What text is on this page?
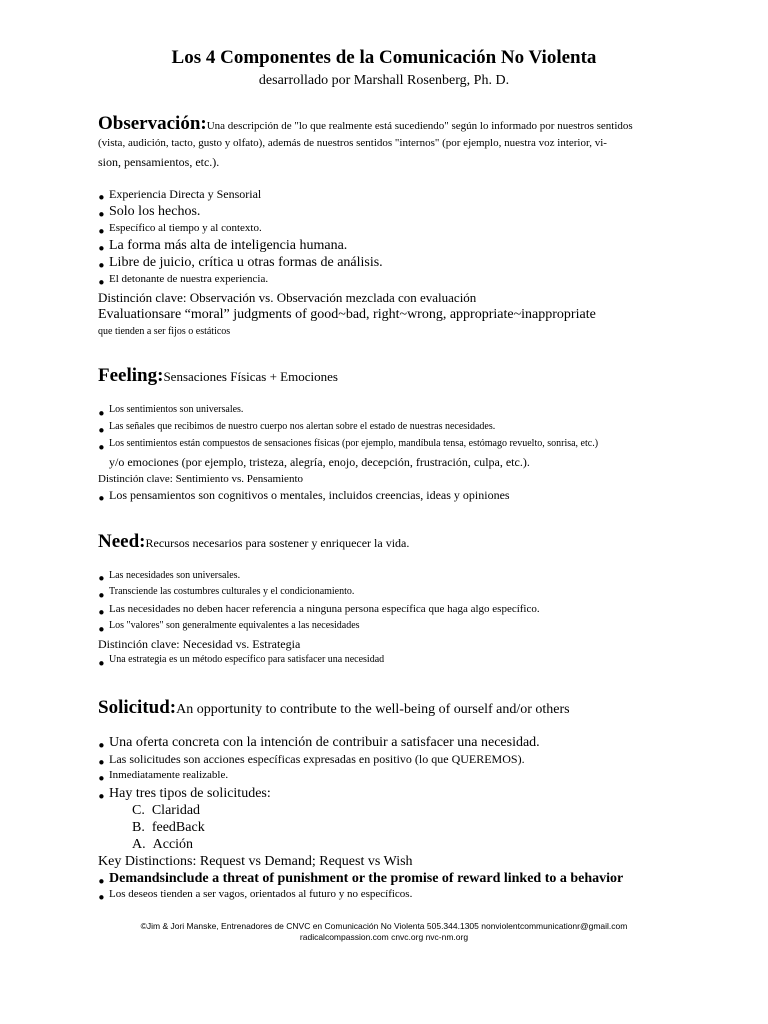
Los 4 Componentes de la Comunicación No Violenta
desarrollado por Marshall Rosenberg, Ph. D.
Observación:Una descripción de "lo que realmente está sucediendo" según lo informado por nuestros sentidos
(vista, audición, tacto, gusto y olfato), además de nuestros sentidos "internos" (por ejemplo, nuestra voz interior, vi-
sion, pensamientos, etc.).
• Experiencia Directa y Sensorial
• Solo los hechos.
• Específico al tiempo y al contexto.
• La forma más alta de inteligencia humana.
• Libre de juicio, crítica u otras formas de análisis.
• El detonante de nuestra experiencia.
Distinción clave: Observación vs. Observación mezclada con evaluación
Evaluationsare “moral” judgments of good~bad, right~wrong, appropriate~inappropriate
que tienden a ser fijos o estáticos
Feeling:Sensaciones Físicas + Emociones
• Los sentimientos son universales.
• Las señales que recibimos de nuestro cuerpo nos alertan sobre el estado de nuestras necesidades.
• Los sentimientos están compuestos de sensaciones físicas (por ejemplo, mandíbula tensa, estómago revuelto, sonrisa, etc.)
y/o emociones (por ejemplo, tristeza, alegría, enojo, decepción, frustración, culpa, etc.).
Distinción clave: Sentimiento vs. Pensamiento
• Los pensamientos son cognitivos o mentales, incluidos creencias, ideas y opiniones
Need:Recursos necesarios para sostener y enriquecer la vida.
• Las necesidades son universales.
• Transciende las costumbres culturales y el condicionamiento.
• Las necesidades no deben hacer referencia a ninguna persona específica que haga algo específico.
• Los "valores" son generalmente equivalentes a las necesidades
Distinción clave: Necesidad vs. Estrategia
• Una estrategia es un método específico para satisfacer una necesidad
Solicitud:An opportunity to contribute to the well-being of ourself and/or others
• Una oferta concreta con la intención de contribuir a satisfacer una necesidad.
• Las solicitudes son acciones específicas expresadas en positivo (lo que QUEREMOS).
• Inmediatamente realizable.
• Hay tres tipos de solicitudes:
C. Claridad
B. feedBack
A. Acción
Key Distinctions: Request vs Demand; Request vs Wish
• Demandsinclude a threat of punishment or the promise of reward linked to a behavior
• Los deseos tienden a ser vagos, orientados al futuro y no específicos.
©Jim & Jori Manske, Entrenadores de CNVC en Comunicación No Violenta 505.344.1305 nonviolentcommunicationr@gmail.com
radicalcompassion.com cnvc.org nvc-nm.org
